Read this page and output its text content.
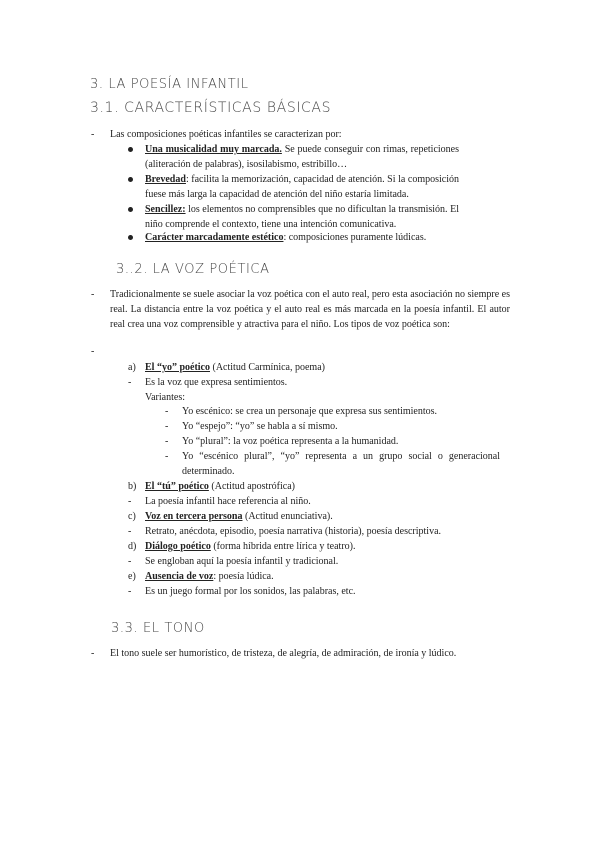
3. LA POESÍA INFANTIL
3.1. CARACTERÍSTICAS BÁSICAS
-	Las composiciones poéticas infantiles se caracterizan por:
Una musicalidad muy marcada. Se puede conseguir con rimas, repeticiones (aliteración de palabras), isosilabismo, estribillo…
Brevedad: facilita la memorización, capacidad de atención. Si la composición fuese más larga la capacidad de atención del niño estaría limitada.
Sencillez: los elementos no comprensibles que no dificultan la transmisión. El niño comprende el contexto, tiene una intención comunicativa.
Carácter marcadamente estético: composiciones puramente lúdicas.
3..2. LA VOZ POÉTICA
-	Tradicionalmente se suele asociar la voz poética con el auto real, pero esta asociación no siempre es real. La distancia entre la voz poética y el auto real es más marcada en la poesía infantil. El autor real crea una voz comprensible y atractiva para el niño. Los tipos de voz poética son:
-
a) El “yo” poético (Actitud Carmínica, poema)
- Es la voz que expresa sentimientos.
Variantes:
- Yo escénico: se crea un personaje que expresa sus sentimientos.
- Yo “espejo”: “yo” se habla a sí mismo.
- Yo “plural”: la voz poética representa a la humanidad.
- Yo “escénico plural”, “yo” representa a un grupo social o generacional determinado.
b) El “tú” poético (Actitud apostrófica)
- La poesía infantil hace referencia al niño.
c) Voz en tercera persona (Actitud enunciativa).
- Retrato, anécdota, episodio, poesía narrativa (historia), poesía descriptiva.
d) Diálogo poético (forma híbrida entre lírica y teatro).
- Se engloban aquí la poesía infantil y tradicional.
e) Ausencia de voz: poesía lúdica.
- Es un juego formal por los sonidos, las palabras, etc.
3.3. EL TONO
-	El tono suele ser humorístico, de tristeza, de alegría, de admiración, de ironía y lúdico.
